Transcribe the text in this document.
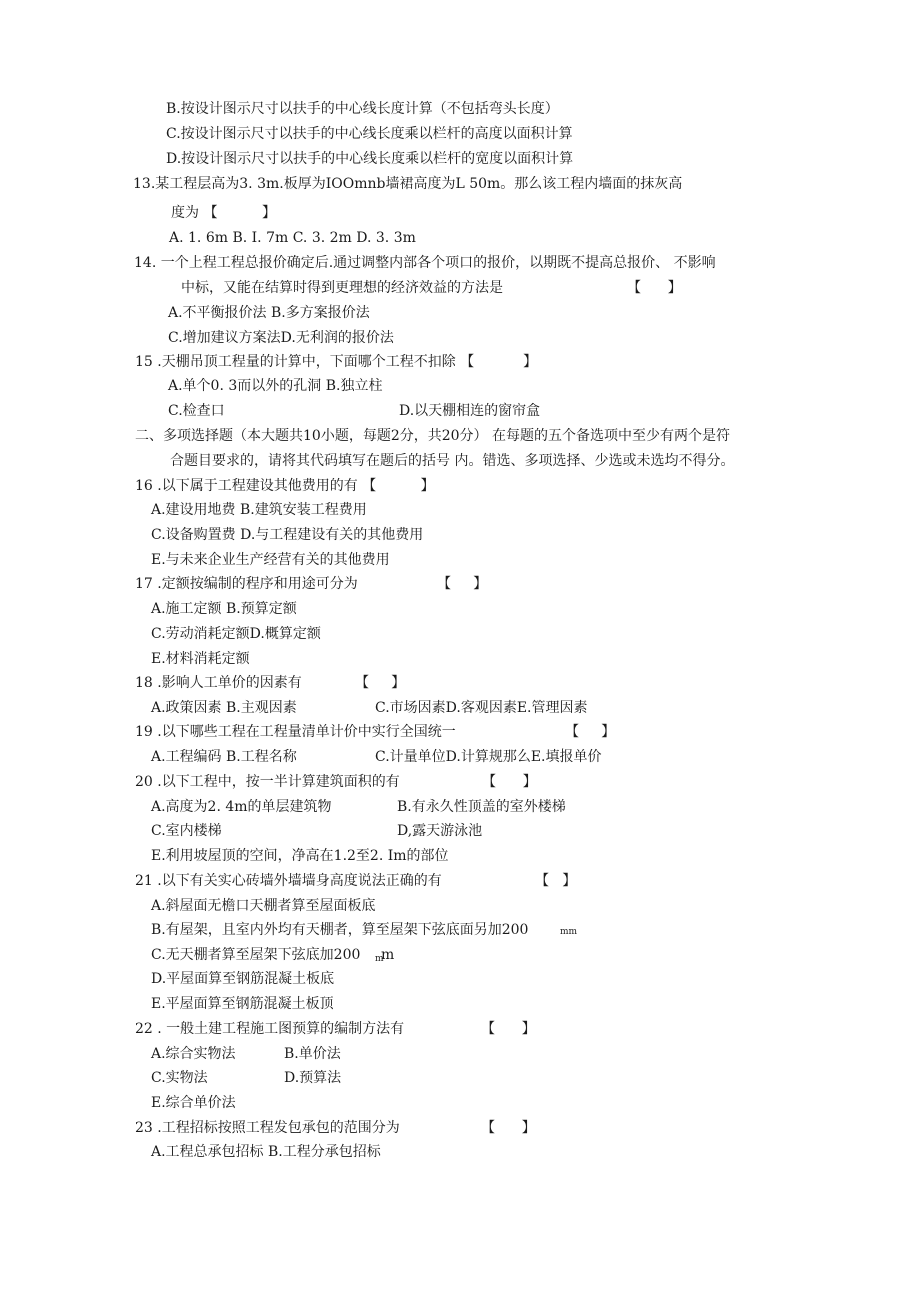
B.按设计图示尺寸以扶手的中心线长度计算（不包括弯头长度）
C.按设计图示尺寸以扶手的中心线长度乘以栏杆的高度以面积计算
D.按设计图示尺寸以扶手的中心线长度乘以栏杆的宽度以面积计算
13.某工程层高为3. 3m.板厚为IOOmnb墙裙高度为L 50m。那么该工程内墙面的抹灰高
度为 【          】
A. 1. 6m B. I. 7m C. 3. 2m D. 3. 3m
14. 一个上程工程总报价确定后.通过调整内部各个项口的报价，以期既不提高总报价、 不影响
中标，又能在结算时得到更理想的经济效益的方法是	【      】
A.不平衡报价法 B.多方案报价法
C.增加建议方案法D.无利润的报价法
15 .天棚吊顶工程量的计算中，下面哪个工程不扣除 【           】
A.单个0. 3而以外的孔洞 B.独立柱
C.检查口	D.以天棚相连的窗帘盒
二、多项选择题（本大题共10小题，每题2分，共20分） 在每题的五个备选项中至少有两个是符
合题目要求的，请将其代码填写在题后的括号 内。错选、多项选择、少选或未选均不得分。
16 .以下属于工程建设其他费用的有 【          】
A.建设用地费 B.建筑安装工程费用
C.设备购置费 D.与工程建设有关的其他费用
E.与未来企业生产经营有关的其他费用
17 .定额按编制的程序和用途可分为	【     】
A.施工定额 B.预算定额
C.劳动消耗定额D.概算定额
E.材料消耗定额
18 .影响人工单价的因素有	【     】
A.政策因素 B.主观因素	C.市场因素D.客观因素E.管理因素
19 .以下哪些工程在工程量清单计价中实行全国统一	【     】
A.工程编码 B.工程名称	C.计量单位D.计算规那么E.填报单价
20 .以下工程中，按一半计算建筑面积的有	【      】
A.高度为2. 4m的单层建筑物	B.有永久性顶盖的室外楼梯
C.室内楼梯	D,露天游泳池
E.利用坡屋顶的空间，净高在1.2至2. Im的部位
21 .以下有关实心砖墙外墙墙身高度说法正确的有	【   】
A.斜屋面无檐口天棚者算至屋面板底
B.有屋架，且室内外均有天棚者，算至屋架下弦底面另加200	mm
C.无天棚者算至屋架下弦底加200 m
m
D.平屋面算至钢筋混凝土板底
E.平屋面算至钢筋混凝土板顶
22 . 一般土建工程施工图预算的编制方法有	【      】
A.综合实物法	B.单价法
C.实物法	D.预算法
E.综合单价法
23 .工程招标按照工程发包承包的范围分为	【      】
A.工程总承包招标 B.工程分承包招标
